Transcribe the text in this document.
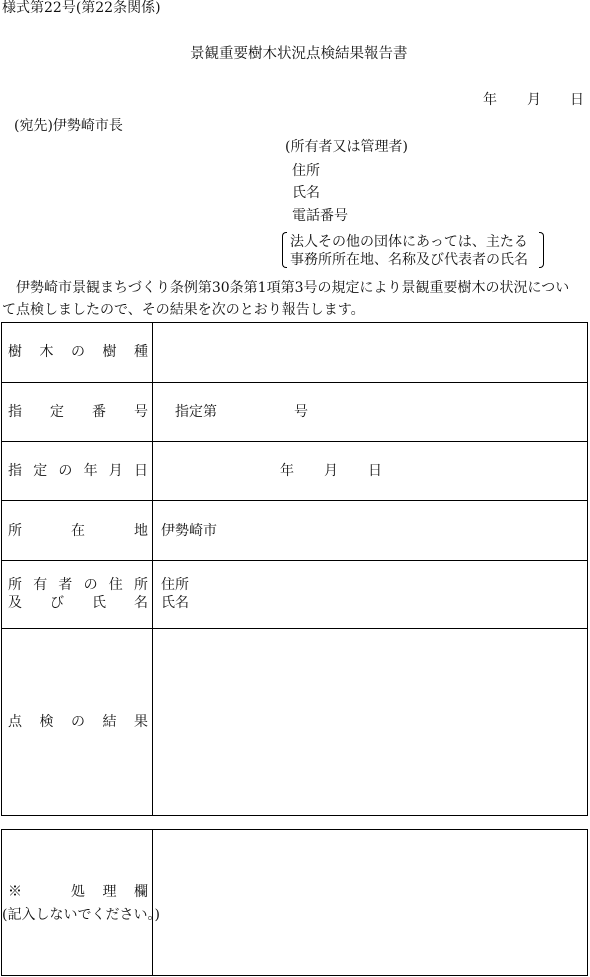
様式第22号(第22条関係)
景観重要樹木状況点検結果報告書
年 月 日
(宛先)伊勢崎市長
(所有者又は管理者)
住所
氏名
電話番号
法人その他の団体にあっては、主たる
事務所所在地、名称及び代表者の氏名
伊勢崎市景観まちづくり条例第30条第1項第3号の規定により景観重要樹木の状況につい
て点検しましたので、その結果を次のとおり報告します。
樹木の樹種
指定番号 指定第	号
指定の年月日	年 月 日
所在地 伊勢崎市
所有者の住所
及び氏名
住所
氏名
点検の結果
※　処理欄
(記入しないでください。)
